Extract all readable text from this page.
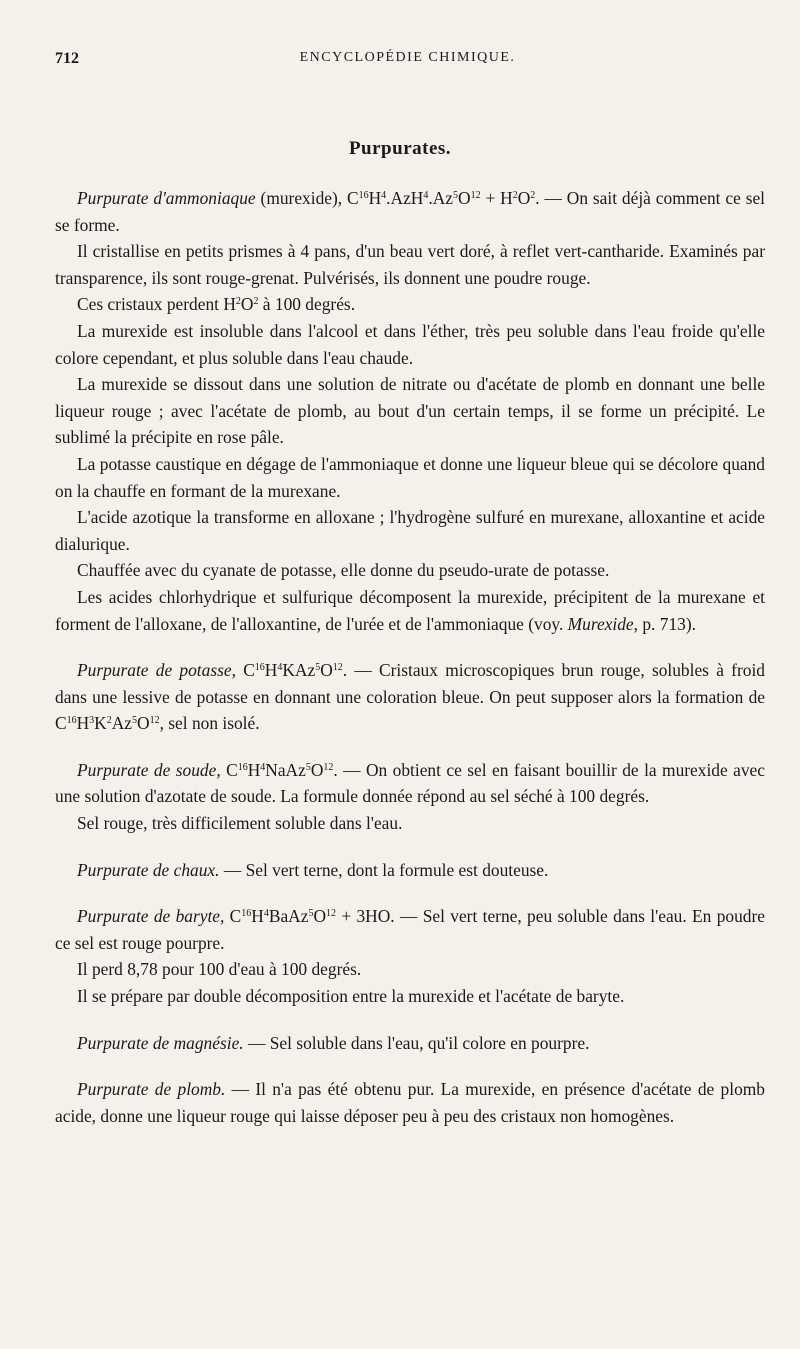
712	ENCYCLOPÉDIE CHIMIQUE.
Purpurates.

Purpurate d'ammoniaque (murexide), $C^{16}H^4.AzH^4.Az^5O^{12} + H^2O^2$. — On sait déjà comment ce sel se forme.

Il cristallise en petits prismes à 4 pans, d'un beau vert doré, à reflet vert-cantharide. Examinés par transparence, ils sont rouge-grenat. Pulvérisés, ils donnent une poudre rouge.

Ces cristaux perdent $H^2O^2$ à 100 degrés.

La murexide est insoluble dans l'alcool et dans l'éther, très peu soluble dans l'eau froide qu'elle colore cependant, et plus soluble dans l'eau chaude.

La murexide se dissout dans une solution de nitrate ou d'acétate de plomb en donnant une belle liqueur rouge ; avec l'acétate de plomb, au bout d'un certain temps, il se forme un précipité. Le sublimé la précipite en rose pâle.

La potasse caustique en dégage de l'ammoniaque et donne une liqueur bleue qui se décolore quand on la chauffe en formant de la murexane.

L'acide azotique la transforme en alloxane ; l'hydrogène sulfuré en murexane, alloxantine et acide dialurique.

Chauffée avec du cyanate de potasse, elle donne du pseudo-urate de potasse.

Les acides chlorhydrique et sulfurique décomposent la murexide, précipitent de la murexane et forment de l'alloxane, de l'alloxantine, de l'urée et de l'ammoniaque (voy. Murexide, p. 713).

Purpurate de potasse, $C^{16}H^4KAz^5O^{12}$. — Cristaux microscopiques brun rouge, solubles à froid dans une lessive de potasse en donnant une coloration bleue. On peut supposer alors la formation de $C^{16}H^3K^2Az^5O^{12}$, sel non isolé.

Purpurate de soude, $C^{16}H^4NaAz^5O^{12}$. — On obtient ce sel en faisant bouillir de la murexide avec une solution d'azotate de soude. La formule donnée répond au sel séché à 100 degrés.

Sel rouge, très difficilement soluble dans l'eau.

Purpurate de chaux. — Sel vert terne, dont la formule est douteuse.

Purpurate de baryte, $C^{16}H^4BaAz^5O^{12} + 3HO$. — Sel vert terne, peu soluble dans l'eau. En poudre ce sel est rouge pourpre.

Il perd 8,78 pour 100 d'eau à 100 degrés.

Il se prépare par double décomposition entre la murexide et l'acétate de baryte.

Purpurate de magnésie. — Sel soluble dans l'eau, qu'il colore en pourpre.

Purpurate de plomb. — Il n'a pas été obtenu pur. La murexide, en présence d'acétate de plomb acide, donne une liqueur rouge qui laisse déposer peu à peu des cristaux non homogènes.
